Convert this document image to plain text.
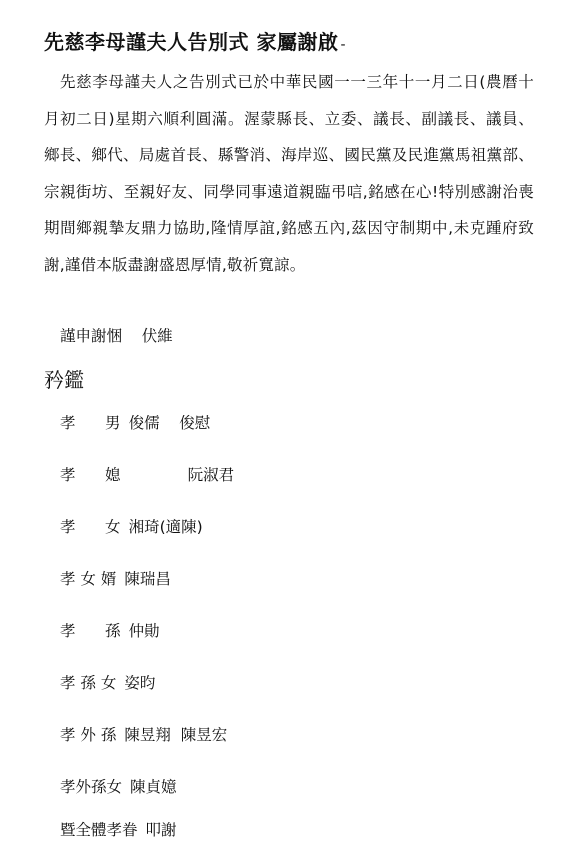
先慈李母謹夫人告別式 家屬謝啟 -

先慈李母謹夫人之告別式已於中華民國一一三年十一月二日(農曆十月初二日)星期六順利圓滿。渥蒙縣長、立委、議長、副議長、議員、鄉長、鄉代、局處首長、縣警消、海岸巡、國民黨及民進黨馬祖黨部、宗親街坊、至親好友、同學同事遠道親臨弔唁,銘感在心!特別感謝治喪期間鄉親摯友鼎力協助,隆情厚誼,銘感五內,茲因守制期中,未克踵府致謝,謹借本版盡謝盛恩厚情,敬祈寬諒。

謹申謝悃    伏維
矜鑑
孝      男 俊儒    俊慰
孝      媳 阮淑君
孝      女 湘琦(適陳)
孝 女 婿 陳瑞昌
孝      孫 仲勛
孝 孫 女 姿昀
孝 外 孫 陳昱翔  陳昱宏
孝外孫女 陳貞嬑
暨全體孝眷 叩謝
